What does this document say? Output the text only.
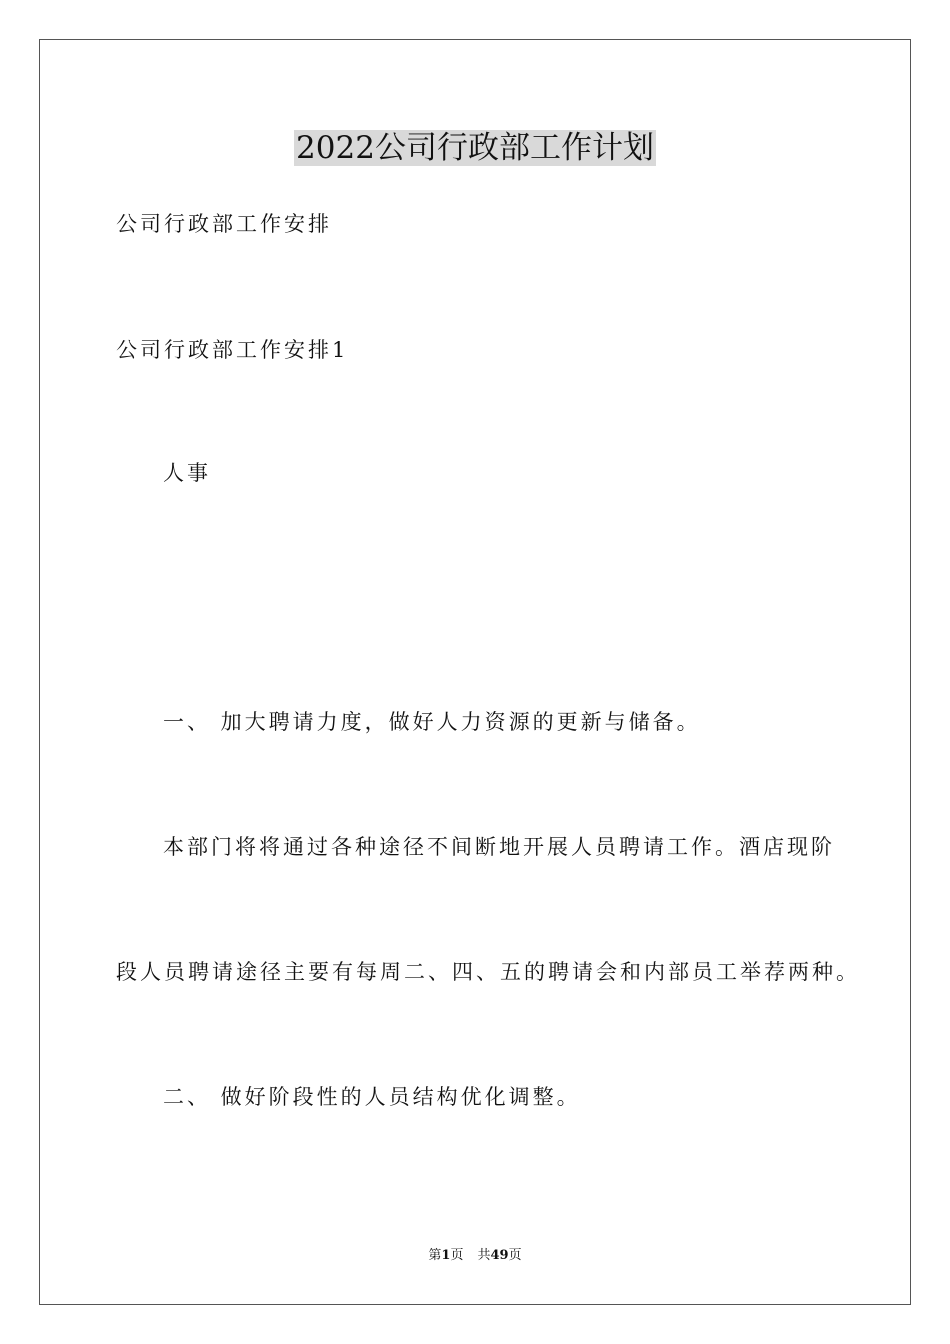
2022公司行政部工作计划

公司行政部工作安排

公司行政部工作安排1

人事

一、 加大聘请力度，做好人力资源的更新与储备。

本部门将将通过各种途径不间断地开展人员聘请工作。酒店现阶

段人员聘请途径主要有每周二、四、五的聘请会和内部员工举荐两种。

二、 做好阶段性的人员结构优化调整。

第1页 共49页
